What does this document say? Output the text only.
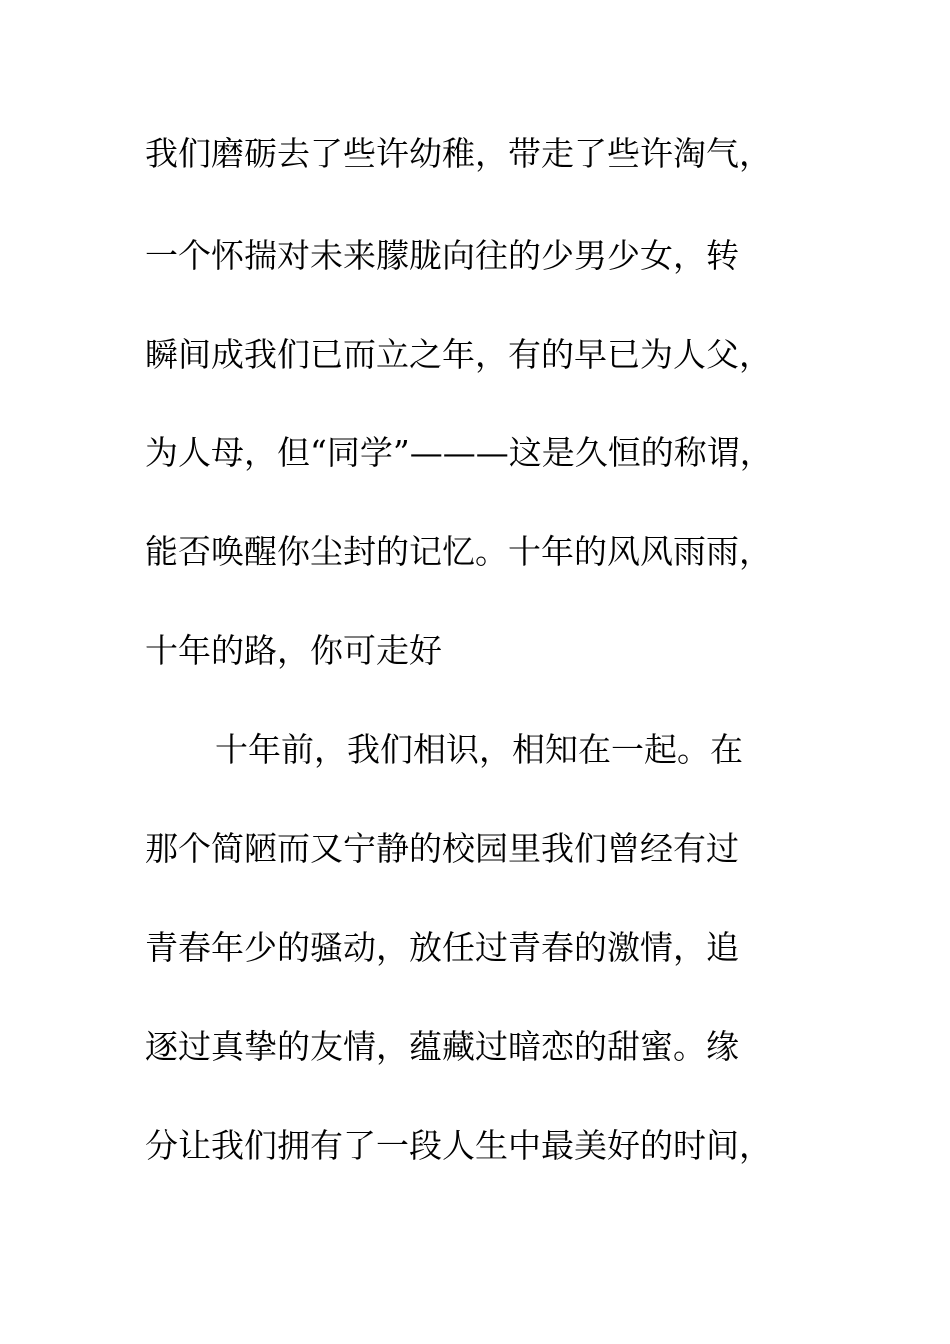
我们磨砺去了些许幼稚，带走了些许淘气，
一个怀揣对未来朦胧向往的少男少女，转
瞬间成我们已而立之年，有的早已为人父，
为人母，但“同学”———这是久恒的称谓，
能否唤醒你尘封的记忆。十年的风风雨雨，
十年的路，你可走好
十年前，我们相识，相知在一起。在
那个简陋而又宁静的校园里我们曾经有过
青春年少的骚动，放任过青春的激情，追
逐过真挚的友情，蕴藏过暗恋的甜蜜。缘
分让我们拥有了一段人生中最美好的时间，
